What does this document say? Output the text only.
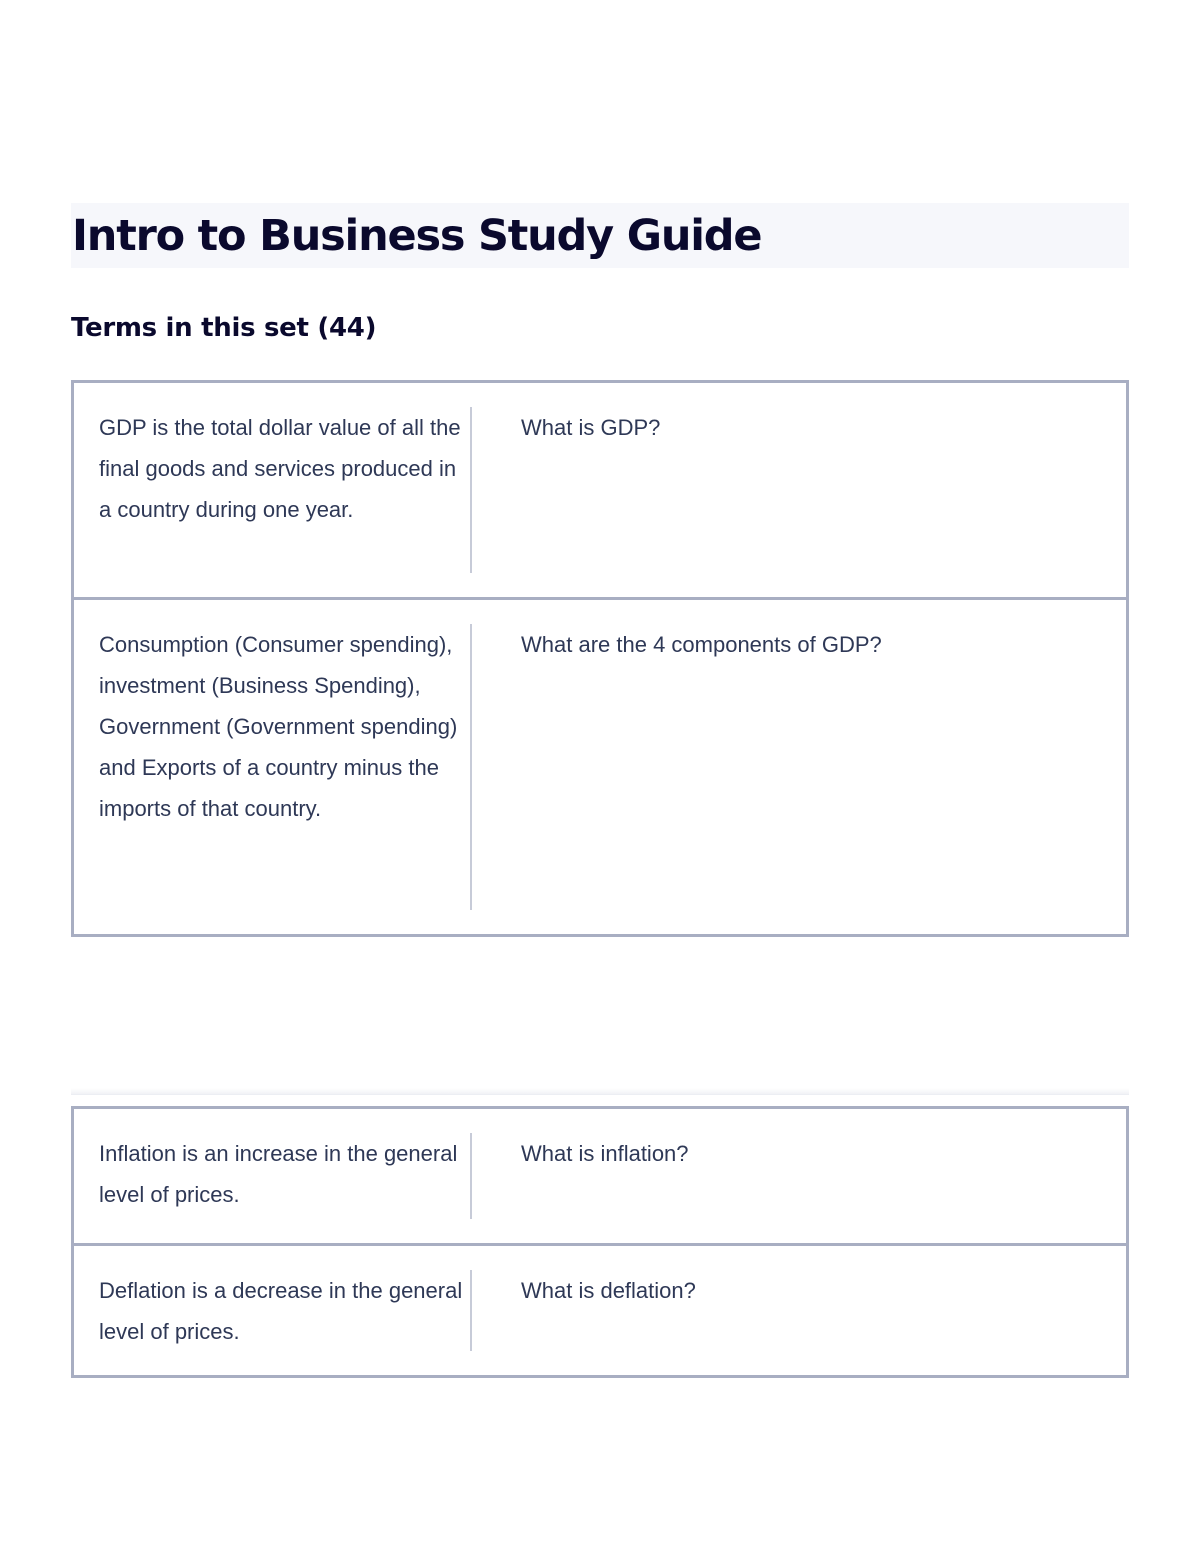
Intro to Business Study Guide
Terms in this set (44)
GDP is the total dollar value of all the final goods and services produced in a country during one year.
What is GDP?
Consumption (Consumer spending), investment (Business Spending), Government (Government spending) and Exports of a country minus the imports of that country.
What are the 4 components of GDP?
Inflation is an increase in the general level of prices.
What is inflation?
Deflation is a decrease in the general level of prices.
What is deflation?
